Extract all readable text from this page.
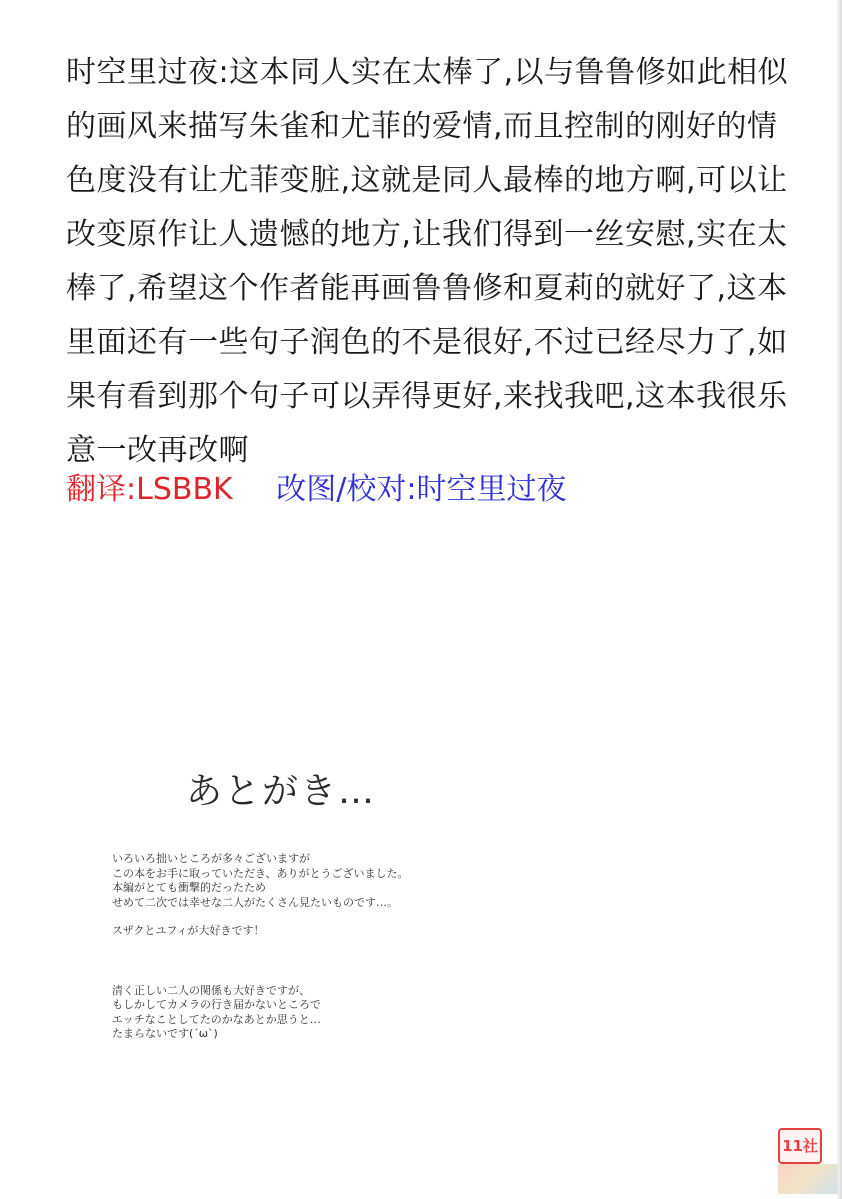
时空里过夜:这本同人实在太棒了,以与鲁鲁修如此相似
的画风来描写朱雀和尤菲的爱情,而且控制的刚好的情
色度没有让尤菲变脏,这就是同人最棒的地方啊,可以让
改变原作让人遗憾的地方,让我们得到一丝安慰,实在太
棒了,希望这个作者能再画鲁鲁修和夏莉的就好了,这本
里面还有一些句子润色的不是很好,不过已经尽力了,如
果有看到那个句子可以弄得更好,来找我吧,这本我很乐
意一改再改啊
翻译:LSBBK 改图/校对:时空里过夜
あとがき…
いろいろ拙いところが多々ございますが
この本をお手に取っていただき、ありがとうございました。
本編がとても衝撃的だったため
せめて二次では幸せな二人がたくさん見たいものです…。
スザクとユフィが大好きです！
清く正しい二人の関係も大好きですが、
もしかしてカメラの行き届かないところで
エッチなことしてたのかなあとか思うと…
たまらないです(´ω`)
11社
